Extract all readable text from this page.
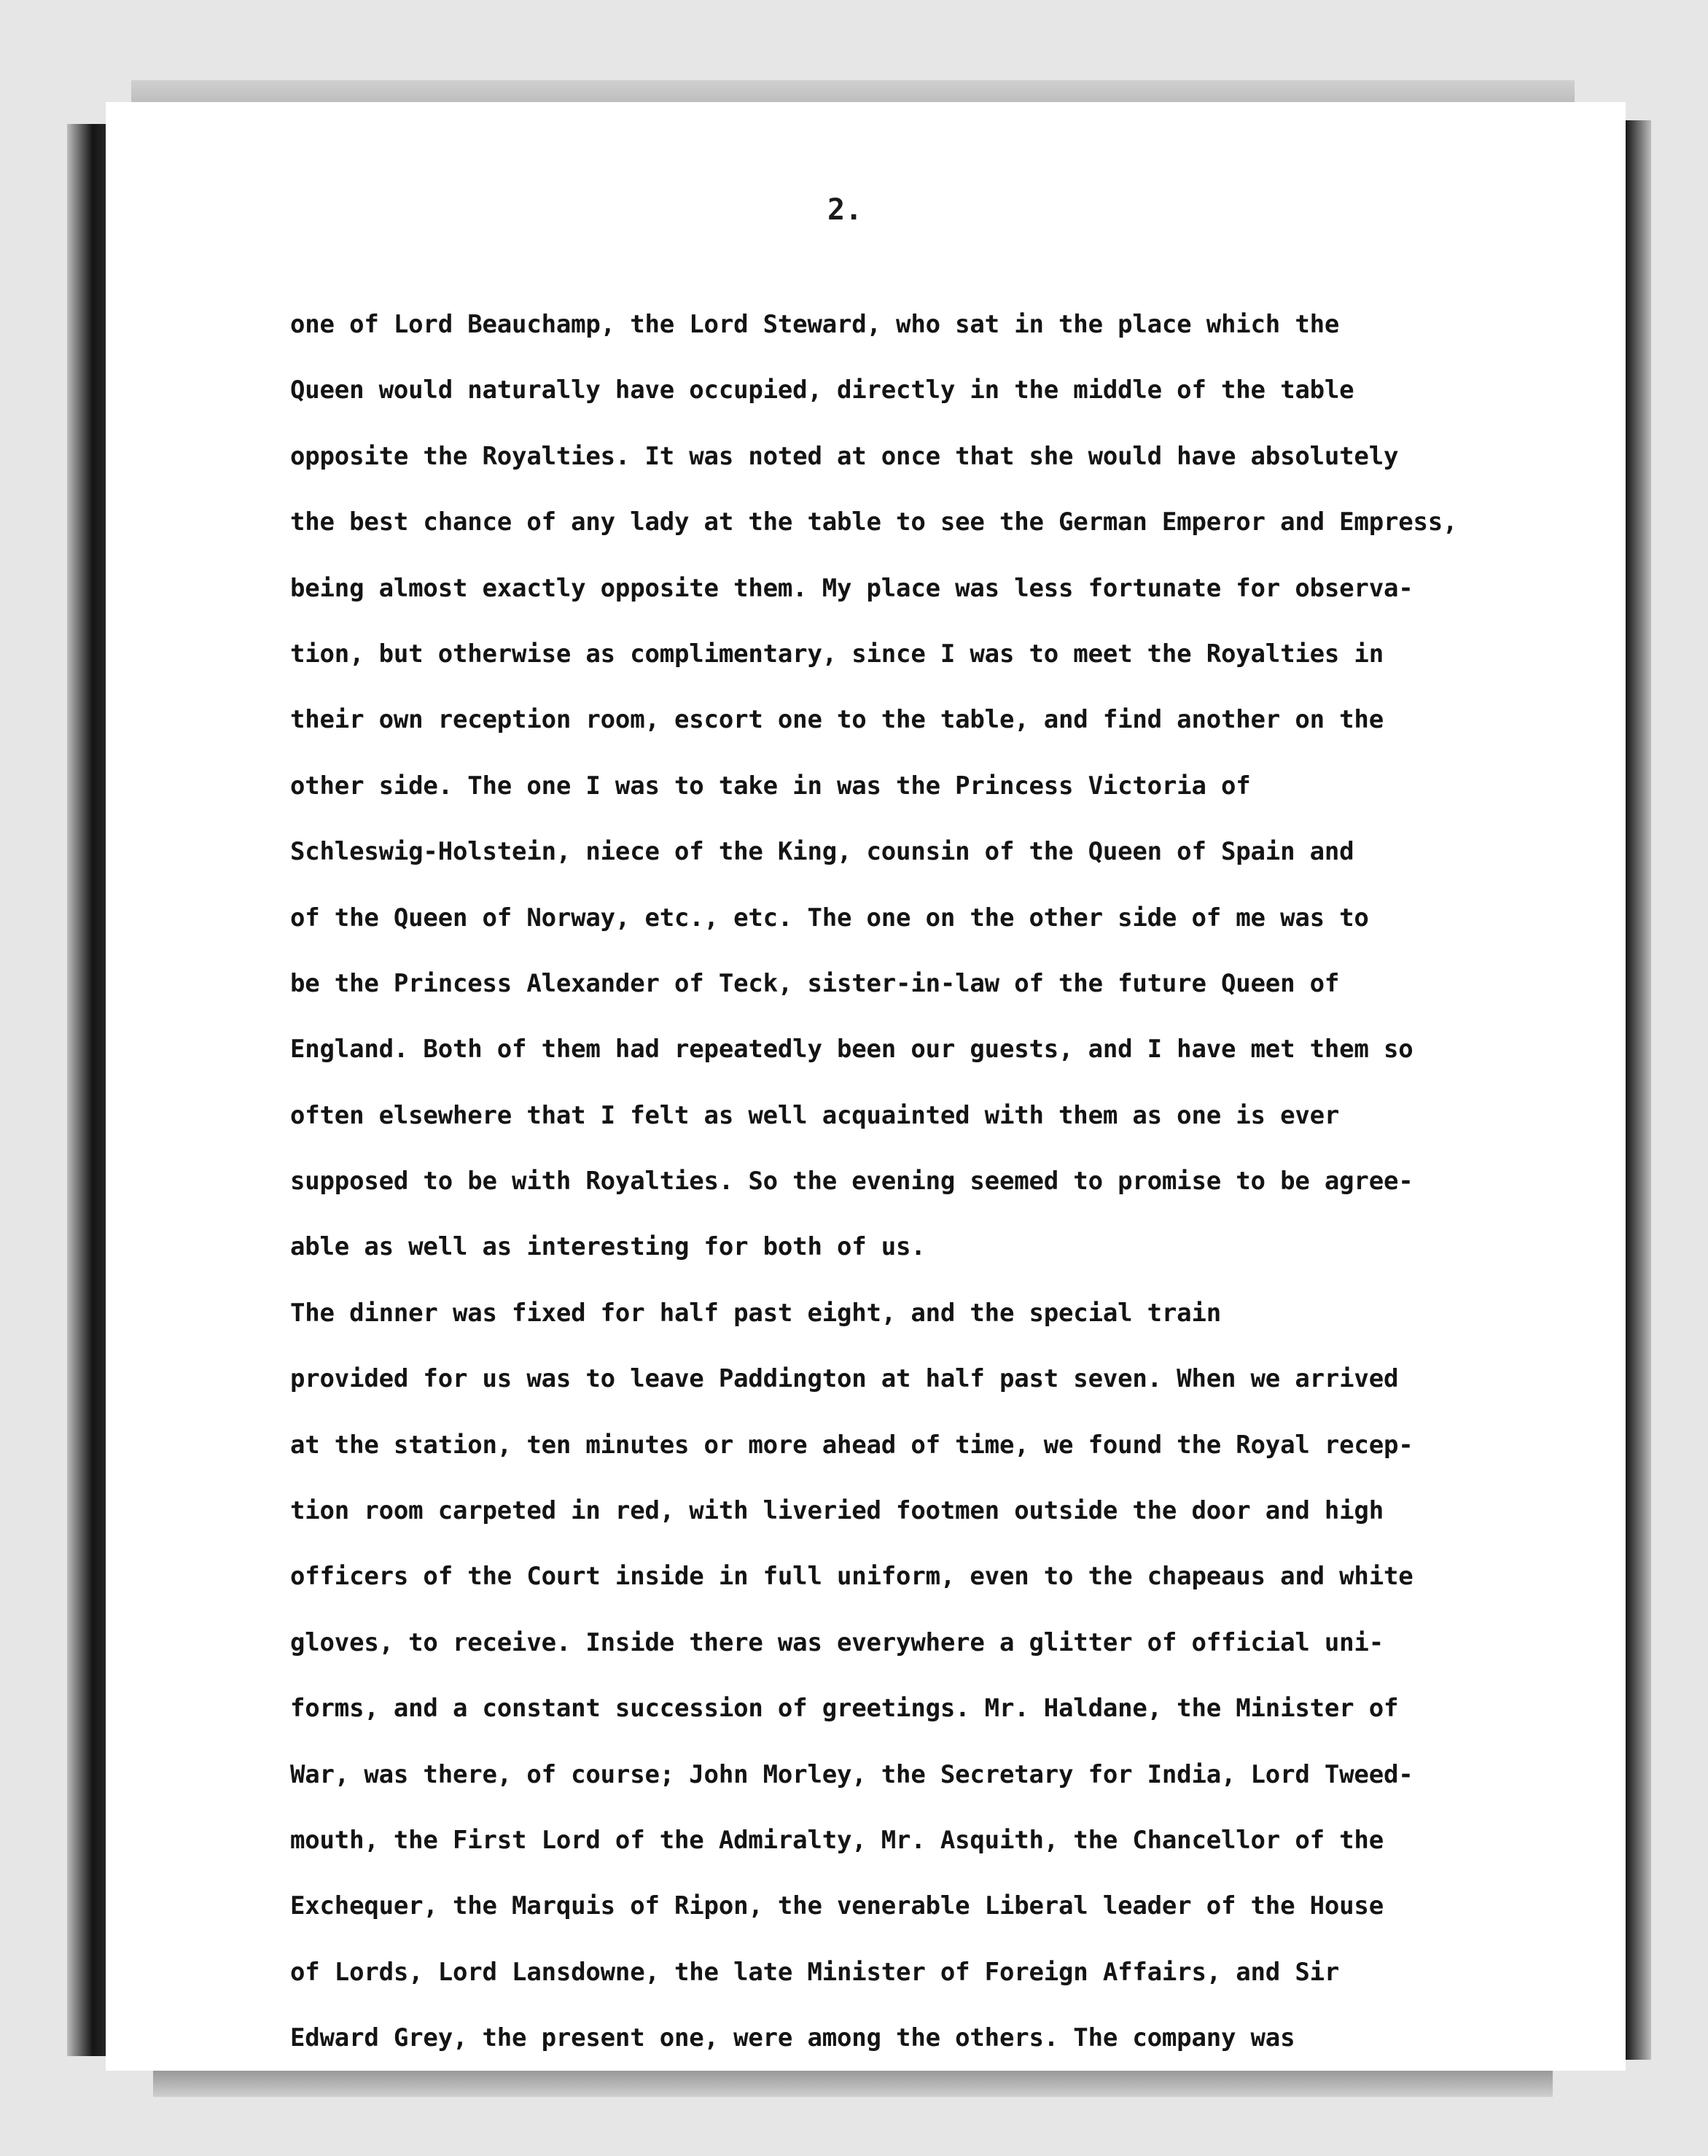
2.
one of Lord Beauchamp, the Lord Steward, who sat in the place which the
Queen would naturally have occupied, directly in the middle of the table
opposite the Royalties. It was noted at once that she would have absolutely
the best chance of any lady at the table to see the German Emperor and Empress,
being almost exactly opposite them. My place was less fortunate for observa-
tion, but otherwise as complimentary, since I was to meet the Royalties in
their own reception room, escort one to the table, and find another on the
other side. The one I was to take in was the Princess Victoria of
Schleswig-Holstein, niece of the King, counsin of the Queen of Spain and
of the Queen of Norway, etc., etc. The one on the other side of me was to
be the Princess Alexander of Teck, sister-in-law of the future Queen of
England. Both of them had repeatedly been our guests, and I have met them so
often elsewhere that I felt as well acquainted with them as one is ever
supposed to be with Royalties. So the evening seemed to promise to be agree-
able as well as interesting for both of us.
The dinner was fixed for half past eight, and the special train
provided for us was to leave Paddington at half past seven. When we arrived
at the station, ten minutes or more ahead of time, we found the Royal recep-
tion room carpeted in red, with liveried footmen outside the door and high
officers of the Court inside in full uniform, even to the chapeaus and white
gloves, to receive. Inside there was everywhere a glitter of official uni-
forms, and a constant succession of greetings. Mr. Haldane, the Minister of
War, was there, of course; John Morley, the Secretary for India, Lord Tweed-
mouth, the First Lord of the Admiralty, Mr. Asquith, the Chancellor of the
Exchequer, the Marquis of Ripon, the venerable Liberal leader of the House
of Lords, Lord Lansdowne, the late Minister of Foreign Affairs, and Sir
Edward Grey, the present one, were among the others. The company was
